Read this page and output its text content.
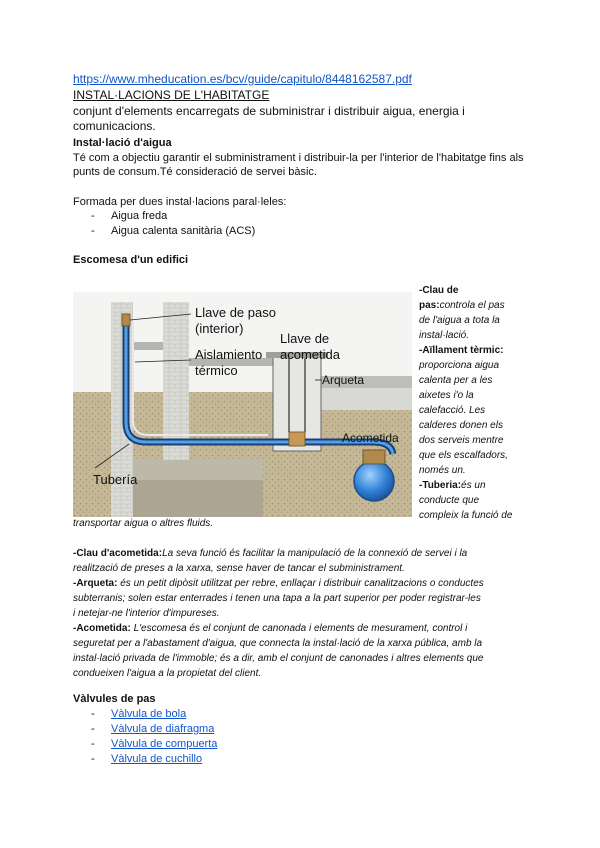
https://www.mheducation.es/bcv/guide/capitulo/8448162587.pdf
INSTAL·LACIONS DE L'HABITATGE
conjunt d'elements encarregats de subministrar i distribuir aigua, energia i comunicacions.
Instal·lació d'aigua
Té com a objectiu garantir el subministrament i distribuir-la per l'interior de l'habitatge fins als punts de consum.Té consideració de servei bàsic.
Formada per dues instal·lacions paral·leles:
- Aigua freda
- Aigua calenta sanitària (ACS)
Escomesa d'un edifici
Llave de paso
(interior)
Aislamiento
térmico
Llave de
acometida
Arqueta
Acometida
Tubería

-Clau de

pas:controla el pas

de l'aigua a tota la

instal·lació.

-Aïllament tèrmic:

proporciona aigua

calenta per a les

aixetes i'o la

calefacció. Les

calderes donen els

dos serveis mentre

que els escalfadors,

només un.

-Tuberia:és un

conducte que

compleix la funció de

transportar aigua o altres fluids.
-Clau d'acometida:La seva funció és facilitar la manipulació de la connexió de servei i la
realització de preses a la xarxa, sense haver de tancar el subministrament.
-Arqueta: és un petit dipòsit utilitzat per rebre, enllaçar i distribuir canalitzacions o conductes
subterranis; solen estar enterrades i tenen una tapa a la part superior per poder registrar-les
i netejar-ne l'interior d'impureses.
-Acometida: L'escomesa és el conjunt de canonada i elements de mesurament, control i
seguretat per a l'abastament d'aigua, que connecta la instal·lació de la xarxa pública, amb la
instal·lació privada de l'immoble; és a dir, amb el conjunt de canonades i altres elements que
condueixen l'aigua a la propietat del client.
Vàlvules de pas
- Vàlvula de bola
- Vàlvula de diafragma
- Vàlvula de compuerta
- Vàlvula de cuchillo
